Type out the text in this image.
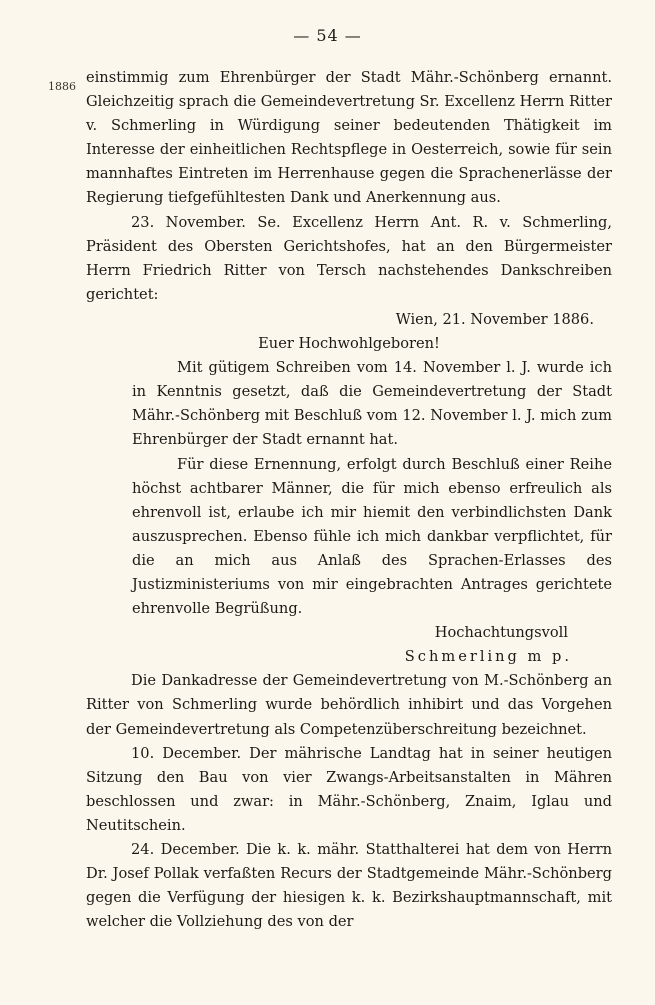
— 54 —
1886

einstimmig zum Ehrenbürger der Stadt Mähr.-Schönberg ernannt. Gleichzeitig sprach die Gemeindevertretung Sr. Excellenz Herrn Ritter v. Schmerling in Würdigung seiner bedeutenden Thätigkeit im Interesse der einheitlichen Rechtspflege in Oesterreich, sowie für sein mannhaftes Eintreten im Herrenhause gegen die Sprachenerlässe der Regierung tiefgefühltesten Dank und Anerkennung aus.

23. November. Se. Excellenz Herrn Ant. R. v. Schmerling, Präsident des Obersten Gerichtshofes, hat an den Bürgermeister Herrn Friedrich Ritter von Tersch nachstehendes Dankschreiben gerichtet:

Wien, 21. November 1886.

Euer Hochwohlgeboren!

Mit gütigem Schreiben vom 14. November l. J. wurde ich in Kenntnis gesetzt, daß die Gemeindevertretung der Stadt Mähr.-Schönberg mit Beschluß vom 12. November l. J. mich zum Ehrenbürger der Stadt ernannt hat.

Für diese Ernennung, erfolgt durch Beschluß einer Reihe höchst achtbarer Männer, die für mich ebenso erfreulich als ehrenvoll ist, erlaube ich mir hiemit den verbindlichsten Dank auszusprechen. Ebenso fühle ich mich dankbar verpflichtet, für die an mich aus Anlaß des Sprachen-Erlasses des Justizministeriums von mir eingebrachten Antrages gerichtete ehrenvolle Begrüßung.

Hochachtungsvoll

Schmerling m p.

Die Dankadresse der Gemeindevertretung von M.-Schönberg an Ritter von Schmerling wurde behördlich inhibirt und das Vorgehen der Gemeindevertretung als Competenzüberschreitung bezeichnet.

10. December. Der mährische Landtag hat in seiner heutigen Sitzung den Bau von vier Zwangs-Arbeitsanstalten in Mähren beschlossen und zwar: in Mähr.-Schönberg, Znaim, Iglau und Neutitschein.

24. December. Die k. k. mähr. Statthalterei hat dem von Herrn Dr. Josef Pollak verfaßten Recurs der Stadtgemeinde Mähr.-Schönberg gegen die Verfügung der hiesigen k. k. Bezirkshauptmannschaft, mit welcher die Vollziehung des von der
